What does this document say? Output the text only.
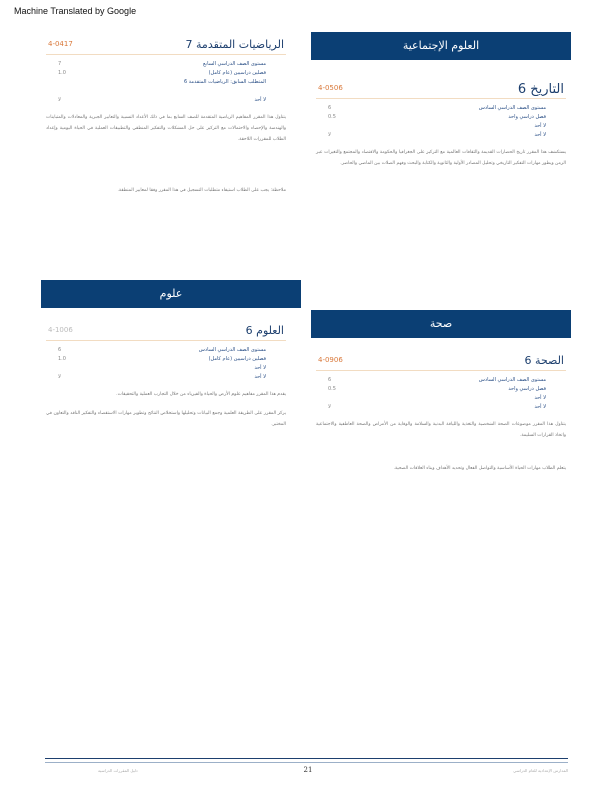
Machine Translated by Google
العلوم الإجتماعية
علوم
صحة
الرياضيات المتقدمة 7
4-0417
مستوى الصف الدراسي السابع
7
فصلين دراسيين (عام كامل)
1.0
المتطلب السابق: الرياضيات المتقدمة 6
لا أحد
لا
يتناول هذا المقرر المفاهيم الرياضية المتقدمة للصف السابع بما في ذلك الأعداد النسبية والتعابير الجبرية والمعادلات والمتباينات والهندسة والإحصاء والاحتمالات مع التركيز على حل المشكلات والتفكير المنطقي والتطبيقات العملية في الحياة اليومية وإعداد الطلاب للمقررات اللاحقة.
ملاحظة: يجب على الطلاب استيفاء متطلبات التسجيل في هذا المقرر وفقا لمعايير المنطقة.
التاريخ 6
4-0506
مستوى الصف الدراسي السادس
6
فصل دراسي واحد
0.5
لا أحد
لا أحد
لا
يستكشف هذا المقرر تاريخ الحضارات القديمة والثقافات العالمية مع التركيز على الجغرافيا والحكومة والاقتصاد والمجتمع والتغيرات عبر الزمن ويطور مهارات التفكير التاريخي وتحليل المصادر الأولية والثانوية والكتابة والبحث وفهم الصلات بين الماضي والحاضر.
العلوم 6
4-1006
مستوى الصف الدراسي السادس
6
فصلين دراسيين (عام كامل)
1.0
لا أحد
لا أحد
لا
يقدم هذا المقرر مفاهيم علوم الأرض والحياة والفيزياء من خلال التجارب العملية والتحقيقات.
يركز المقرر على الطريقة العلمية وجمع البيانات وتحليلها واستخلاص النتائج وتطوير مهارات الاستقصاء والتفكير الناقد والتعاون في المختبر.
الصحة 6
4-0906
مستوى الصف الدراسي السادس
6
فصل دراسي واحد
0.5
لا أحد
لا أحد
لا
يتناول هذا المقرر موضوعات الصحة الشخصية والتغذية واللياقة البدنية والسلامة والوقاية من الأمراض والصحة العاطفية والاجتماعية واتخاذ القرارات السليمة.
يتعلم الطلاب مهارات الحياة الأساسية والتواصل الفعال وتحديد الأهداف وبناء العلاقات الصحية.
دليل المقررات الدراسية	21	المدارس الإعدادية للعام الدراسي
